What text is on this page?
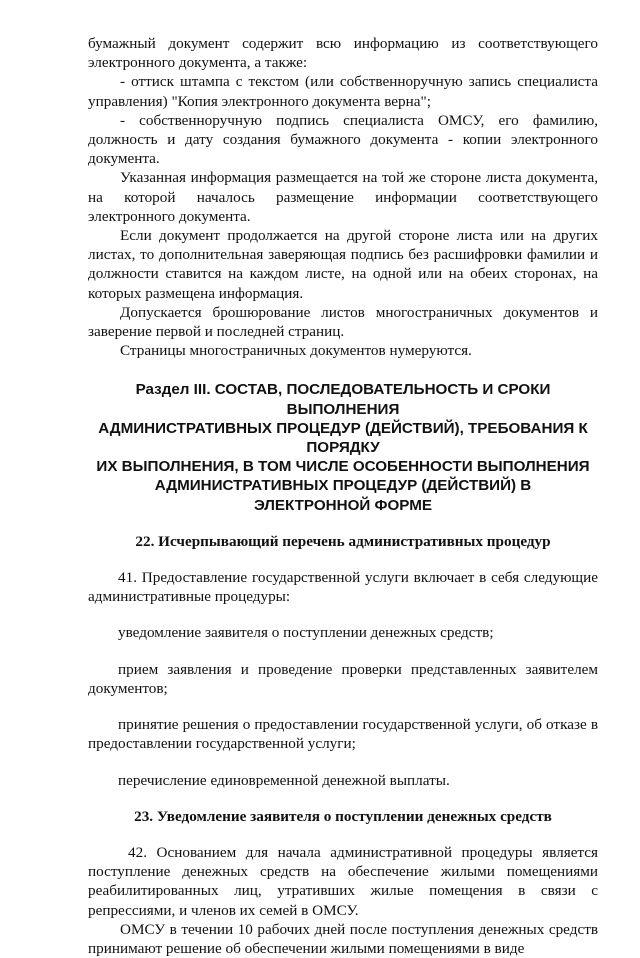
бумажный документ содержит всю информацию из соответствующего электронного документа, а также:

- оттиск штампа с текстом (или собственноручную запись специалиста управления) "Копия электронного документа верна";

- собственноручную подпись специалиста ОМСУ, его фамилию, должность и дату создания бумажного документа - копии электронного документа.

Указанная информация размещается на той же стороне листа документа, на которой началось размещение информации соответствующего электронного документа.

Если документ продолжается на другой стороне листа или на других листах, то дополнительная заверяющая подпись без расшифровки фамилии и должности ставится на каждом листе, на одной или на обеих сторонах, на которых размещена информация.

Допускается брошюрование листов многостраничных документов и заверение первой и последней страниц.

Страницы многостраничных документов нумеруются.

Раздел III. СОСТАВ, ПОСЛЕДОВАТЕЛЬНОСТЬ И СРОКИ
ВЫПОЛНЕНИЯ
АДМИНИСТРАТИВНЫХ ПРОЦЕДУР (ДЕЙСТВИЙ), ТРЕБОВАНИЯ К
ПОРЯДКУ
ИХ ВЫПОЛНЕНИЯ, В ТОМ ЧИСЛЕ ОСОБЕННОСТИ ВЫПОЛНЕНИЯ
АДМИНИСТРАТИВНЫХ ПРОЦЕДУР (ДЕЙСТВИЙ) В
ЭЛЕКТРОННОЙ ФОРМЕ
22. Исчерпывающий перечень административных процедур

41. Предоставление государственной услуги включает в себя следующие административные процедуры:

уведомление заявителя о поступлении денежных средств;

прием заявления и проведение проверки представленных заявителем документов;

принятие решения о предоставлении государственной услуги, об отказе в предоставлении государственной услуги;

перечисление единовременной денежной выплаты.

23. Уведомление заявителя о поступлении денежных средств

42. Основанием для начала административной процедуры является поступление денежных средств на обеспечение жилыми помещениями реабилитированных лиц, утративших жилые помещения в связи с репрессиями, и членов их семей в ОМСУ.

ОМСУ в течении 10 рабочих дней после поступления денежных средств принимают решение об обеспечении жилыми помещениями в виде
